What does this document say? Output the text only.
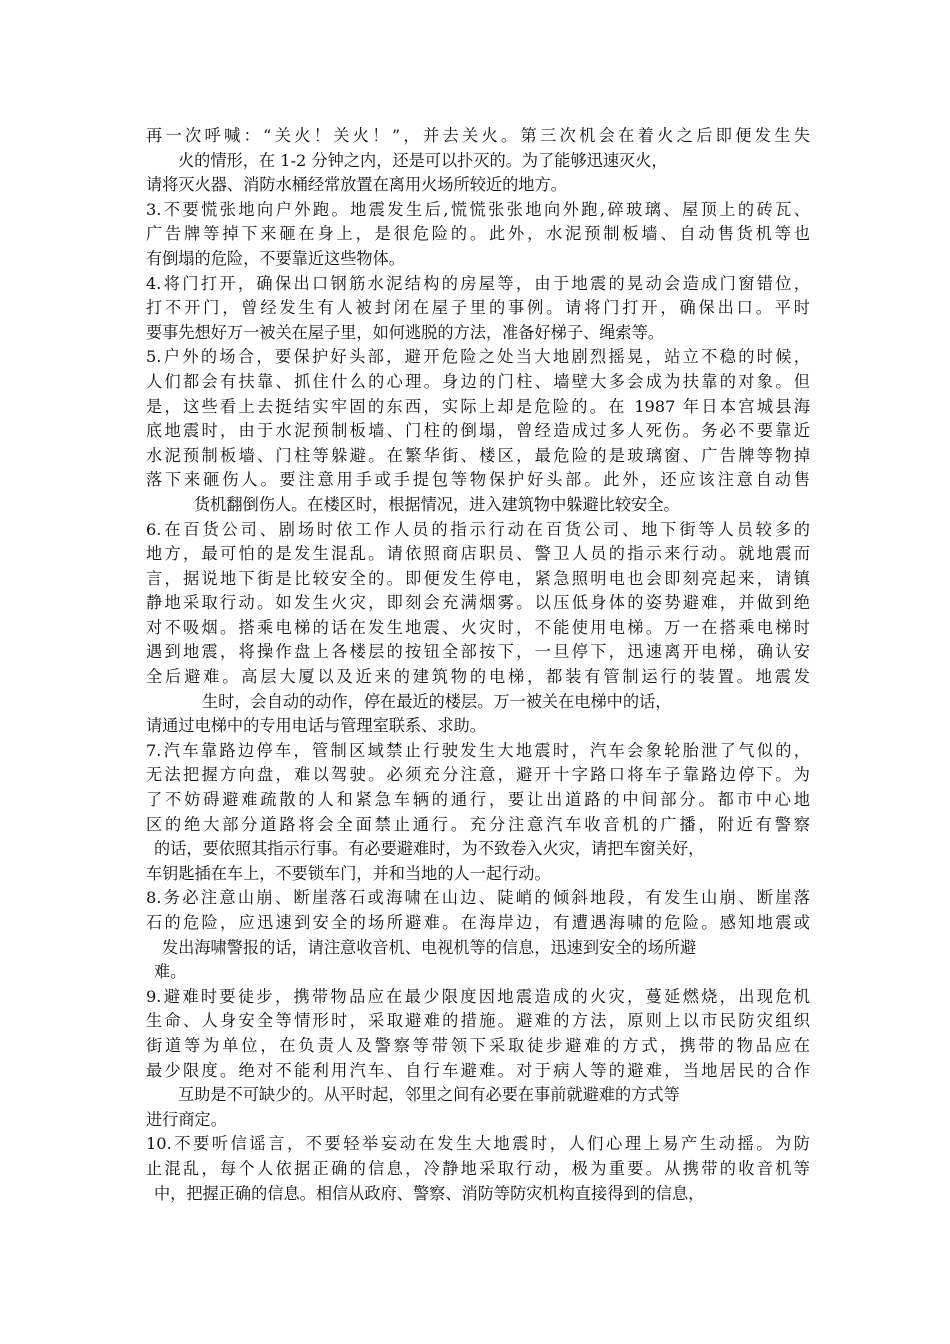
再一次呼喊：“关火！关火！”，并去关火。第三次机会在着火之后即便发生失
火的情形，在 1-2 分钟之内，还是可以扑灭的。为了能够迅速灭火，
请将灭火器、消防水桶经常放置在离用火场所较近的地方。
3.不要慌张地向户外跑。地震发生后,慌慌张张地向外跑,碎玻璃、屋顶上的砖瓦、
广告牌等掉下来砸在身上，是很危险的。此外，水泥预制板墙、自动售货机等也
有倒塌的危险，不要靠近这些物体。
4.将门打开，确保出口钢筋水泥结构的房屋等，由于地震的晃动会造成门窗错位，
打不开门，曾经发生有人被封闭在屋子里的事例。请将门打开，确保出口。平时
要事先想好万一被关在屋子里，如何逃脱的方法，准备好梯子、绳索等。
5.户外的场合，要保护好头部，避开危险之处当大地剧烈摇晃，站立不稳的时候，
人们都会有扶靠、抓住什么的心理。身边的门柱、墙壁大多会成为扶靠的对象。但
是，这些看上去挺结实牢固的东西，实际上却是危险的。在 1987 年日本宫城县海
底地震时，由于水泥预制板墙、门柱的倒塌，曾经造成过多人死伤。务必不要靠近
水泥预制板墙、门柱等躲避。在繁华街、楼区，最危险的是玻璃窗、广告牌等物掉
落下来砸伤人。要注意用手或手提包等物保护好头部。此外，还应该注意自动售
货机翻倒伤人。在楼区时，根据情况，进入建筑物中躲避比较安全。
6.在百货公司、剧场时依工作人员的指示行动在百货公司、地下街等人员较多的
地方，最可怕的是发生混乱。请依照商店职员、警卫人员的指示来行动。就地震而
言，据说地下街是比较安全的。即便发生停电，紧急照明电也会即刻亮起来，请镇
静地采取行动。如发生火灾，即刻会充满烟雾。以压低身体的姿势避难，并做到绝
对不吸烟。搭乘电梯的话在发生地震、火灾时，不能使用电梯。万一在搭乘电梯时
遇到地震，将操作盘上各楼层的按钮全部按下，一旦停下，迅速离开电梯，确认安
全后避难。高层大厦以及近来的建筑物的电梯，都装有管制运行的装置。地震发
生时，会自动的动作，停在最近的楼层。万一被关在电梯中的话，
请通过电梯中的专用电话与管理室联系、求助。
7.汽车靠路边停车，管制区域禁止行驶发生大地震时，汽车会象轮胎泄了气似的，
无法把握方向盘，难以驾驶。必须充分注意，避开十字路口将车子靠路边停下。为
了不妨碍避难疏散的人和紧急车辆的通行，要让出道路的中间部分。都市中心地
区的绝大部分道路将会全面禁止通行。充分注意汽车收音机的广播，附近有警察
的话，要依照其指示行事。有必要避难时，为不致卷入火灾，请把车窗关好，
车钥匙插在车上，不要锁车门，并和当地的人一起行动。
8.务必注意山崩、断崖落石或海啸在山边、陡峭的倾斜地段，有发生山崩、断崖落
石的危险，应迅速到安全的场所避难。在海岸边，有遭遇海啸的危险。感知地震或
发出海啸警报的话，请注意收音机、电视机等的信息，迅速到安全的场所避
难。
9.避难时要徒步，携带物品应在最少限度因地震造成的火灾，蔓延燃烧，出现危机
生命、人身安全等情形时，采取避难的措施。避难的方法，原则上以市民防灾组织
街道等为单位，在负责人及警察等带领下采取徒步避难的方式，携带的物品应在
最少限度。绝对不能利用汽车、自行车避难。对于病人等的避难，当地居民的合作
互助是不可缺少的。从平时起，邻里之间有必要在事前就避难的方式等
进行商定。
10.不要听信谣言，不要轻举妄动在发生大地震时，人们心理上易产生动摇。为防
止混乱，每个人依据正确的信息，冷静地采取行动，极为重要。从携带的收音机等
中，把握正确的信息。相信从政府、警察、消防等防灾机构直接得到的信息，
